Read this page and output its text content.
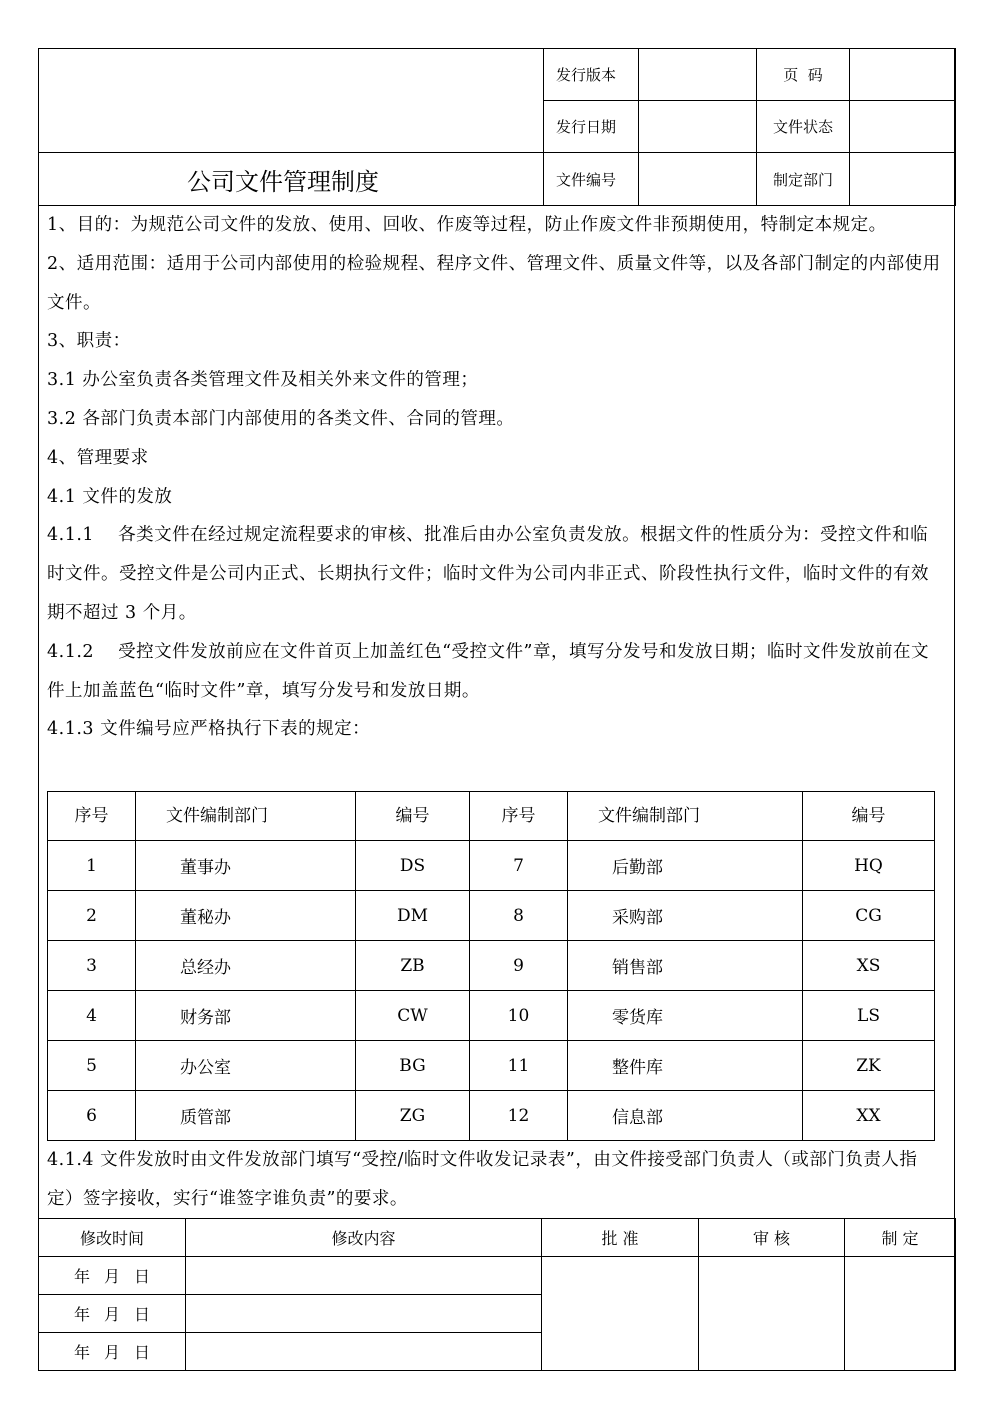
	发行版本		页  码	
	发行日期		文件状态	
公司文件管理制度	文件编号		制定部门	

1、目的：为规范公司文件的发放、使用、回收、作废等过程，防止作废文件非预期使用，特制定本规定。

2、适用范围：适用于公司内部使用的检验规程、程序文件、管理文件、质量文件等，以及各部门制定的内部使用文件。

3、职责：

3.1 办公室负责各类管理文件及相关外来文件的管理；

3.2 各部门负责本部门内部使用的各类文件、合同的管理。

4、管理要求

4.1 文件的发放

4.1.1　 各类文件在经过规定流程要求的审核、批准后由办公室负责发放。根据文件的性质分为：受控文件和临时文件。受控文件是公司内正式、长期执行文件；临时文件为公司内非正式、阶段性执行文件，临时文件的有效期不超过 3 个月。

4.1.2　 受控文件发放前应在文件首页上加盖红色“受控文件”章，填写分发号和发放日期；临时文件发放前在文件上加盖蓝色“临时文件”章，填写分发号和发放日期。

4.1.3 文件编号应严格执行下表的规定：

序号	文件编制部门	编号	序号	文件编制部门	编号
1	董事办	DS	7	后勤部	HQ
2	董秘办	DM	8	采购部	CG
3	总经办	ZB	9	销售部	XS
4	财务部	CW	10	零货库	LS
5	办公室	BG	11	整件库	ZK
6	质管部	ZG	12	信息部	XX

4.1.4 文件发放时由文件发放部门填写“受控/临时文件收发记录表”，由文件接受部门负责人（或部门负责人指定）签字接收，实行“谁签字谁负责”的要求。

修改时间	修改内容	批 准	审 核	制 定
年月日				
年月日				
年月日				
